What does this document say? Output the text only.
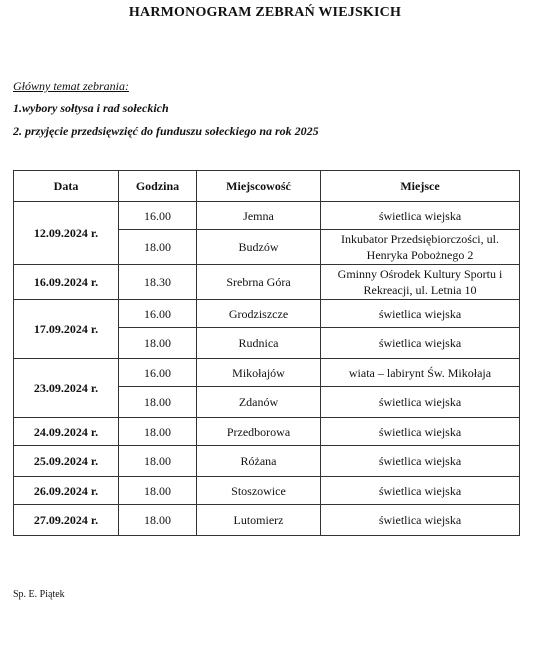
HARMONOGRAM ZEBRAŃ WIEJSKICH
Główny temat zebrania:
1.wybory sołtysa i rad sołeckich
2. przyjęcie przedsięwzięć do funduszu sołeckiego na rok 2025
Data	Godzina	Miejscowość	Miejsce
12.09.2024 r.	16.00	Jemna	świetlica wiejska
	18.00	Budzów	Inkubator Przedsiębiorczości, ul. Henryka Pobożnego 2
16.09.2024 r.	18.30	Srebrna Góra	Gminny Ośrodek Kultury Sportu i Rekreacji, ul. Letnia 10
17.09.2024 r.	16.00	Grodziszcze	świetlica wiejska
	18.00	Rudnica	świetlica wiejska
23.09.2024 r.	16.00	Mikołajów	wiata – labirynt Św. Mikołaja
	18.00	Zdanów	świetlica wiejska
24.09.2024 r.	18.00	Przedborowa	świetlica wiejska
25.09.2024 r.	18.00	Różana	świetlica wiejska
26.09.2024 r.	18.00	Stoszowice	świetlica wiejska
27.09.2024 r.	18.00	Lutomierz	świetlica wiejska
Sp. E. Piątek
